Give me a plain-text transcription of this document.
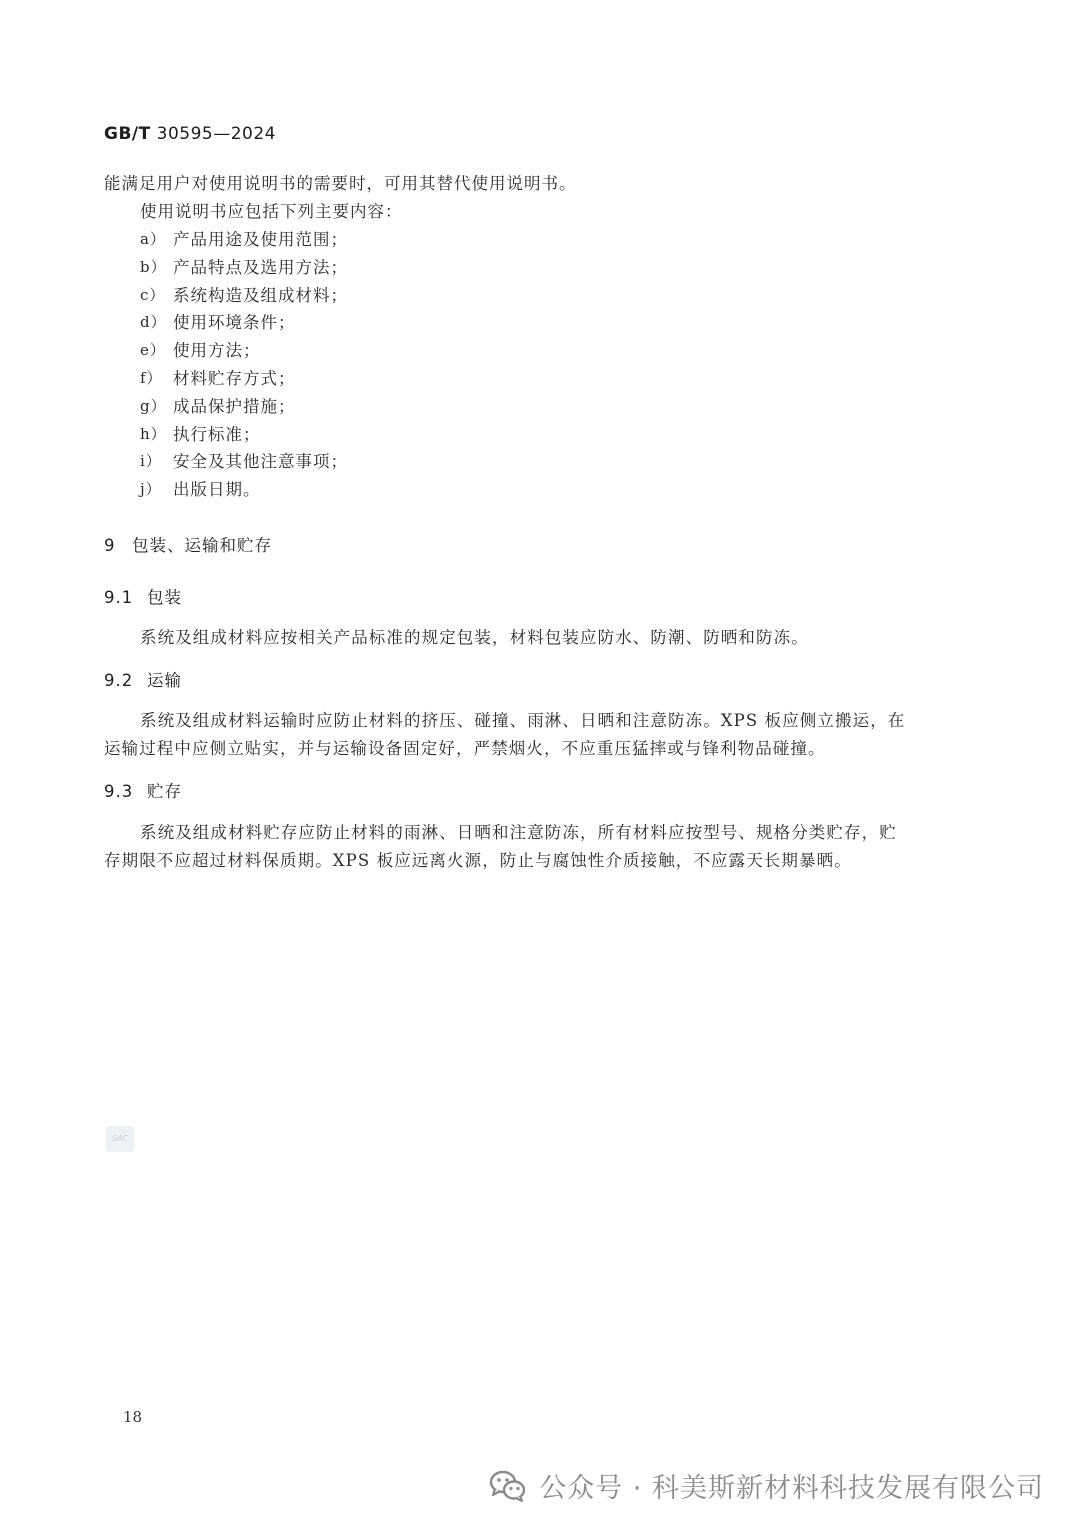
GB/T 30595—2024
能满足用户对使用说明书的需要时，可用其替代使用说明书。
使用说明书应包括下列主要内容：
a） 产品用途及使用范围；
b） 产品特点及选用方法；
c） 系统构造及组成材料；
d） 使用环境条件；
e） 使用方法；
f） 材料贮存方式；
g） 成品保护措施；
h） 执行标准；
i） 安全及其他注意事项；
j） 出版日期。
9 包装、运输和贮存
9.1 包装
系统及组成材料应按相关产品标准的规定包装，材料包装应防水、防潮、防晒和防冻。
9.2 运输
系统及组成材料运输时应防止材料的挤压、碰撞、雨淋、日晒和注意防冻。XPS 板应侧立搬运，在
运输过程中应侧立贴实，并与运输设备固定好，严禁烟火，不应重压猛摔或与锋利物品碰撞。
9.3 贮存
系统及组成材料贮存应防止材料的雨淋、日晒和注意防冻，所有材料应按型号、规格分类贮存，贮
存期限不应超过材料保质期。XPS 板应远离火源，防止与腐蚀性介质接触，不应露天长期暴晒。
SAC
18
公众号 · 科美斯新材料科技发展有限公司
